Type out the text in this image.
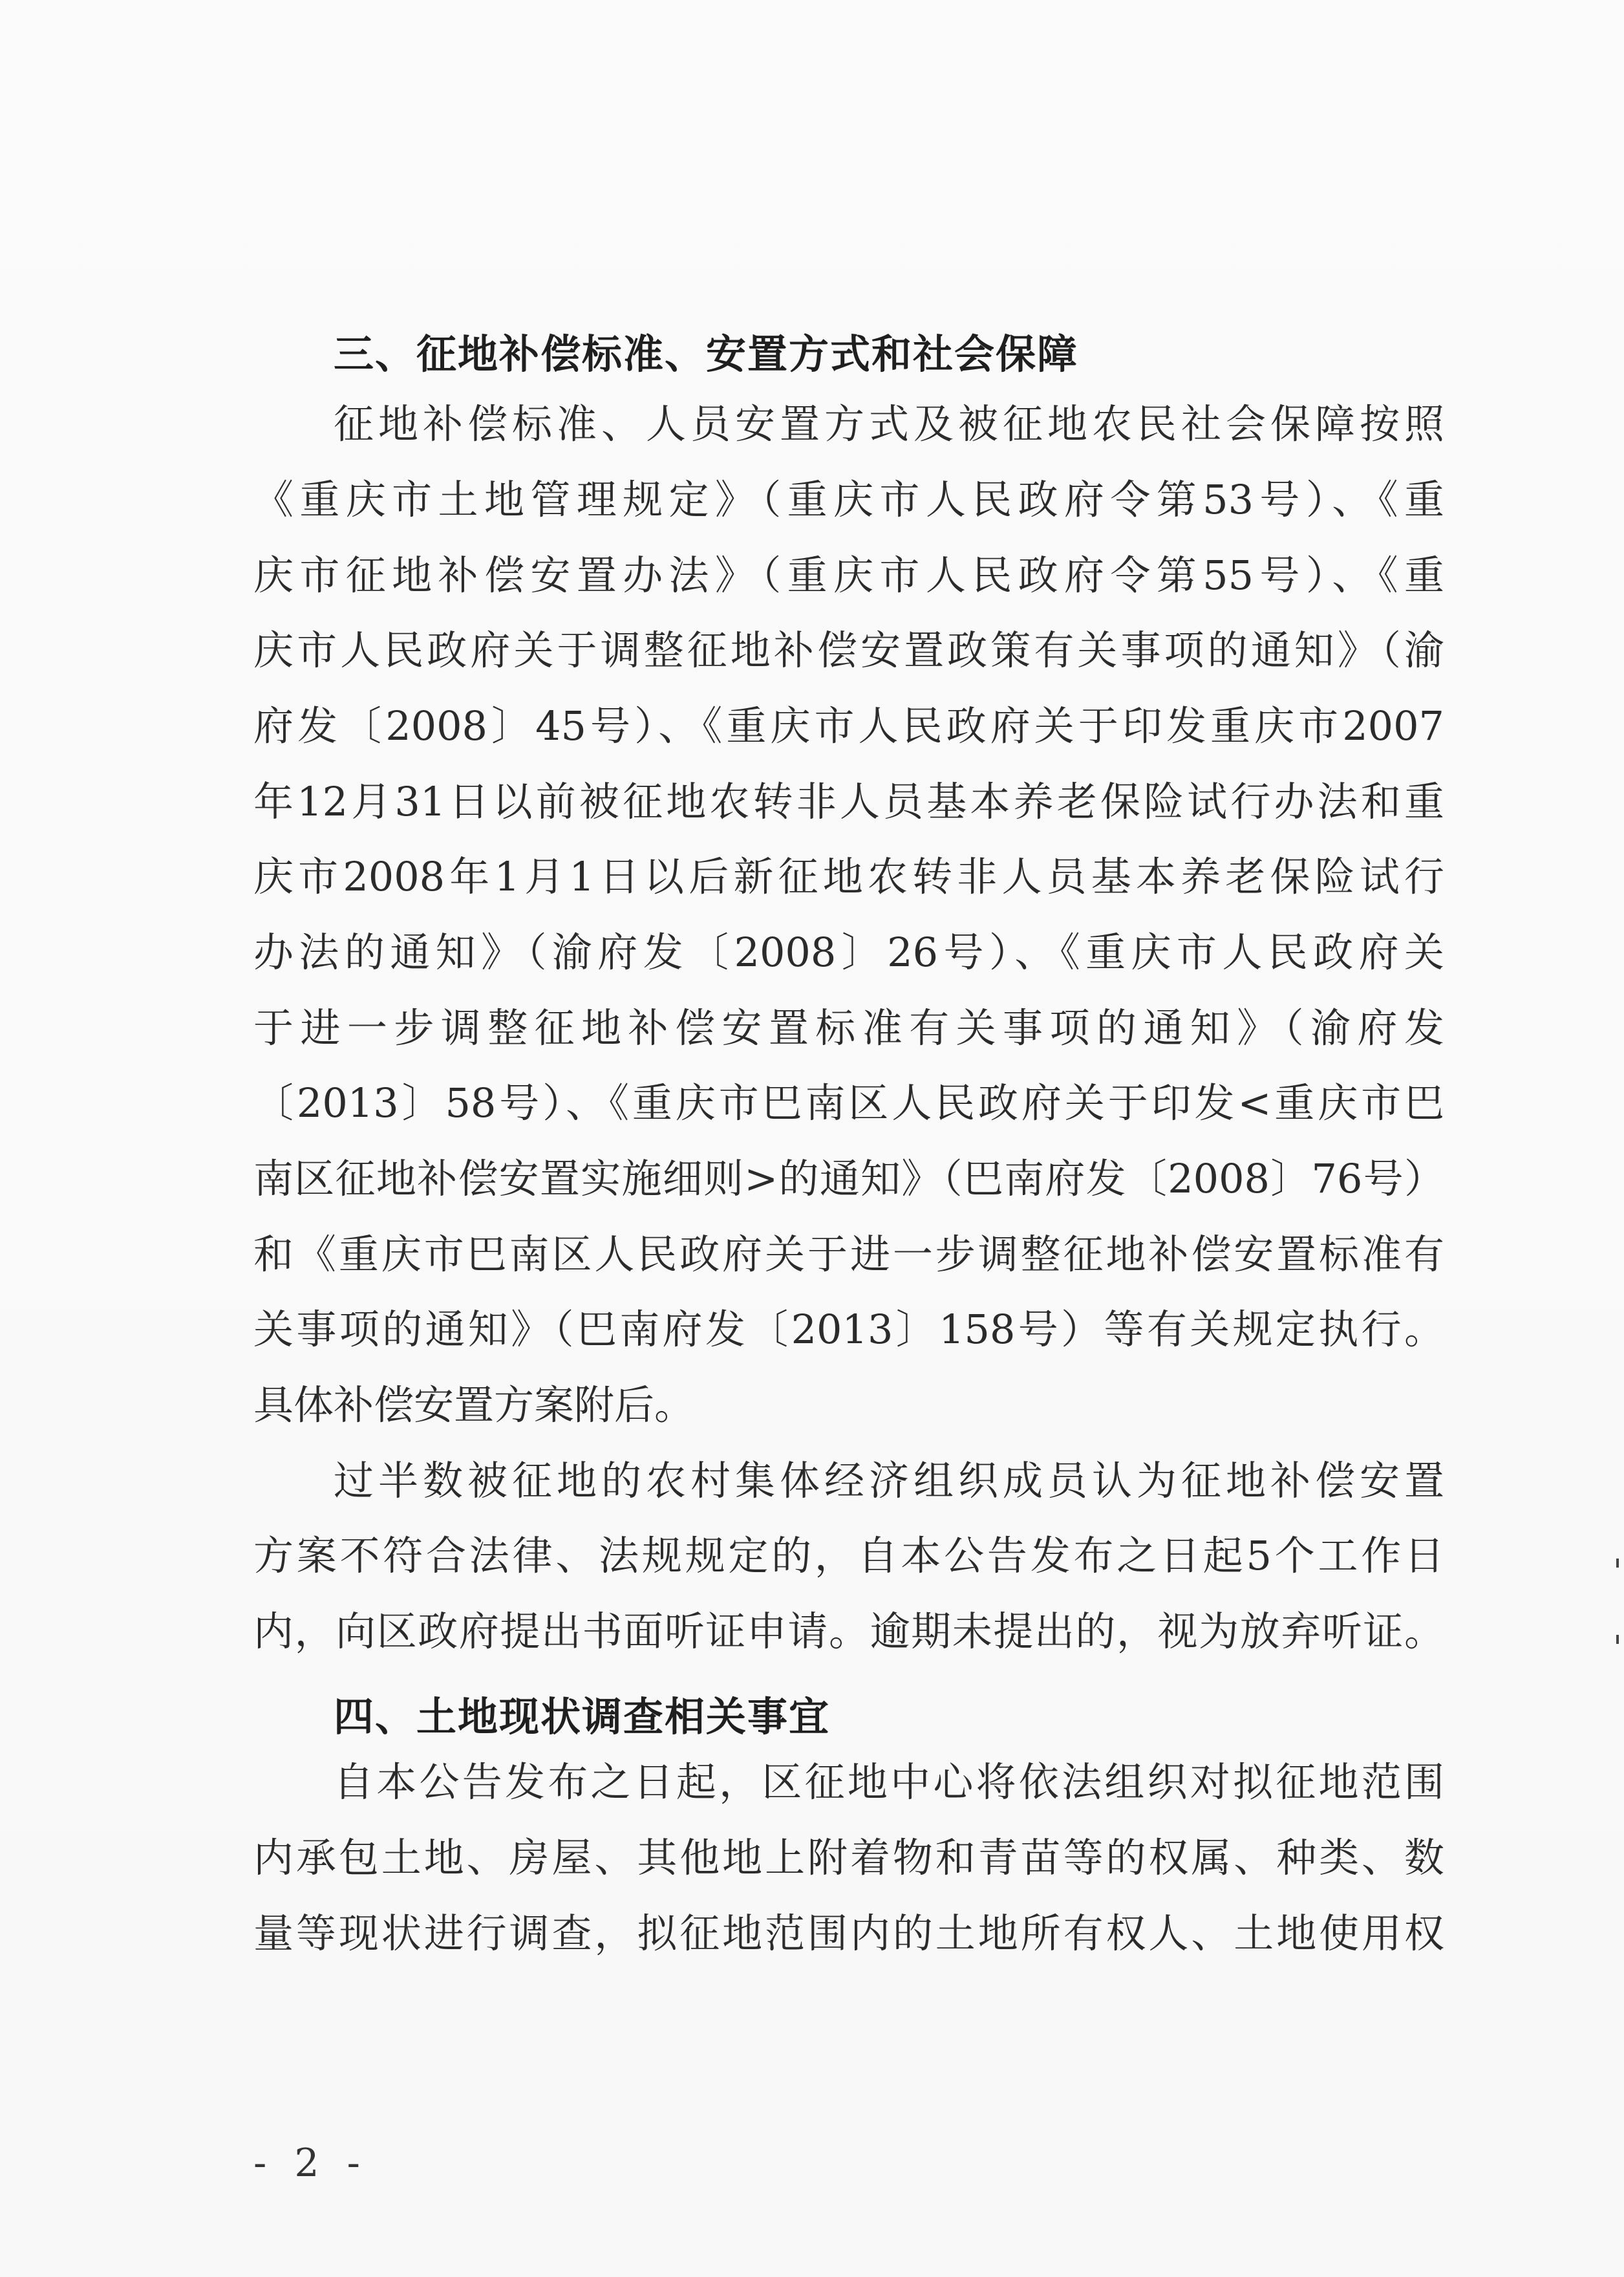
三、征地补偿标准、安置方式和社会保障
征地补偿标准、人员安置方式及被征地农民社会保障按照
《重庆市土地管理规定》（重庆市人民政府令第53号）、《重
庆市征地补偿安置办法》（重庆市人民政府令第55号）、《重
庆市人民政府关于调整征地补偿安置政策有关事项的通知》（渝
府发〔2008〕45号）、《重庆市人民政府关于印发重庆市2007
年12月31日以前被征地农转非人员基本养老保险试行办法和重
庆市2008年1月1日以后新征地农转非人员基本养老保险试行
办法的通知》（渝府发〔2008〕26号）、《重庆市人民政府关
于进一步调整征地补偿安置标准有关事项的通知》（渝府发
〔2013〕58号）、《重庆市巴南区人民政府关于印发<重庆市巴
南区征地补偿安置实施细则>的通知》（巴南府发〔2008〕76号）
和《重庆市巴南区人民政府关于进一步调整征地补偿安置标准有
关事项的通知》（巴南府发〔2013〕158号）等有关规定执行。
具体补偿安置方案附后。
过半数被征地的农村集体经济组织成员认为征地补偿安置
方案不符合法律、法规规定的，自本公告发布之日起5个工作日
内，向区政府提出书面听证申请。逾期未提出的，视为放弃听证。
四、土地现状调查相关事宜
自本公告发布之日起，区征地中心将依法组织对拟征地范围
内承包土地、房屋、其他地上附着物和青苗等的权属、种类、数
量等现状进行调查，拟征地范围内的土地所有权人、土地使用权
- 2 -
